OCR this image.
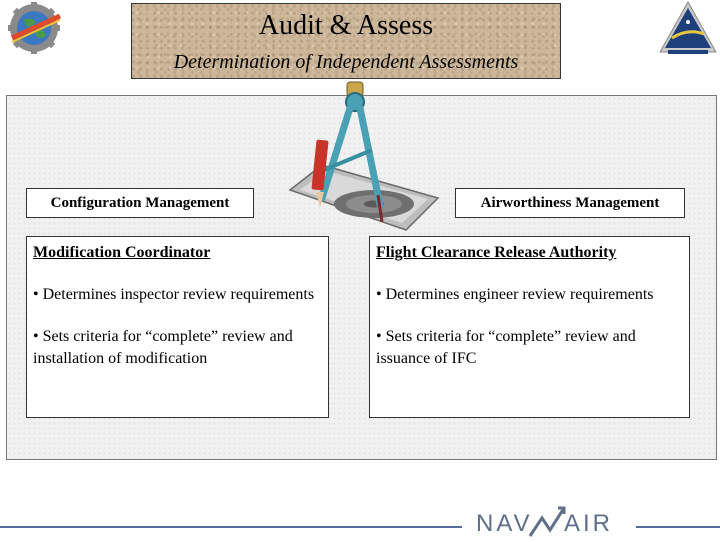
Audit & Assess
Determination of Independent Assessments
Configuration Management	Airworthiness Management
Modification Coordinator
• Determines inspector review requirements
• Sets criteria for “complete” review and installation of modification
Flight Clearance Release Authority
• Determines engineer review requirements
• Sets criteria for “complete” review and issuance of IFC
NAV AIR
